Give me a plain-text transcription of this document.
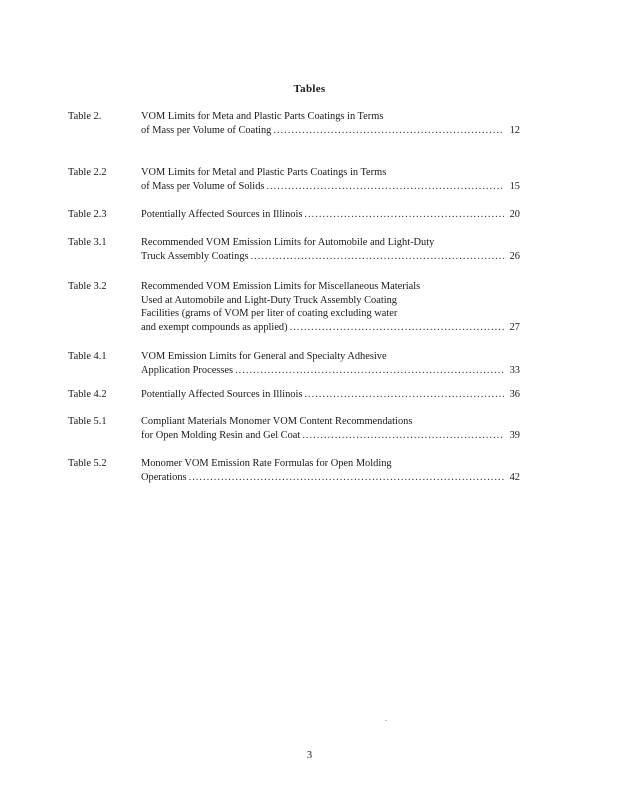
Tables
Table 2.	VOM Limits for Meta and Plastic Parts Coatings in Terms
of Mass per Volume of Coating .....	12
Table 2.2	VOM Limits for Metal and Plastic Parts Coatings in Terms
of Mass per Volume of Solids .....	15
Table 2.3	Potentially Affected Sources in Illinois .....	20
Table 3.1	Recommended VOM Emission Limits for Automobile and Light-Duty
Truck Assembly Coatings .....	26
Table 3.2	Recommended VOM Emission Limits for Miscellaneous Materials
Used at Automobile and Light-Duty Truck Assembly Coating
Facilities (grams of VOM per liter of coating excluding water
and exempt compounds as applied) .....	27
Table 4.1	VOM Emission Limits for General and Specialty Adhesive
Application Processes .....	33
Table 4.2	Potentially Affected Sources in Illinois .....	36
Table 5.1	Compliant Materials Monomer VOM Content Recommendations
for Open Molding Resin and Gel Coat .....	39
Table 5.2	Monomer VOM Emission Rate Formulas for Open Molding
Operations .....	42
.
3
